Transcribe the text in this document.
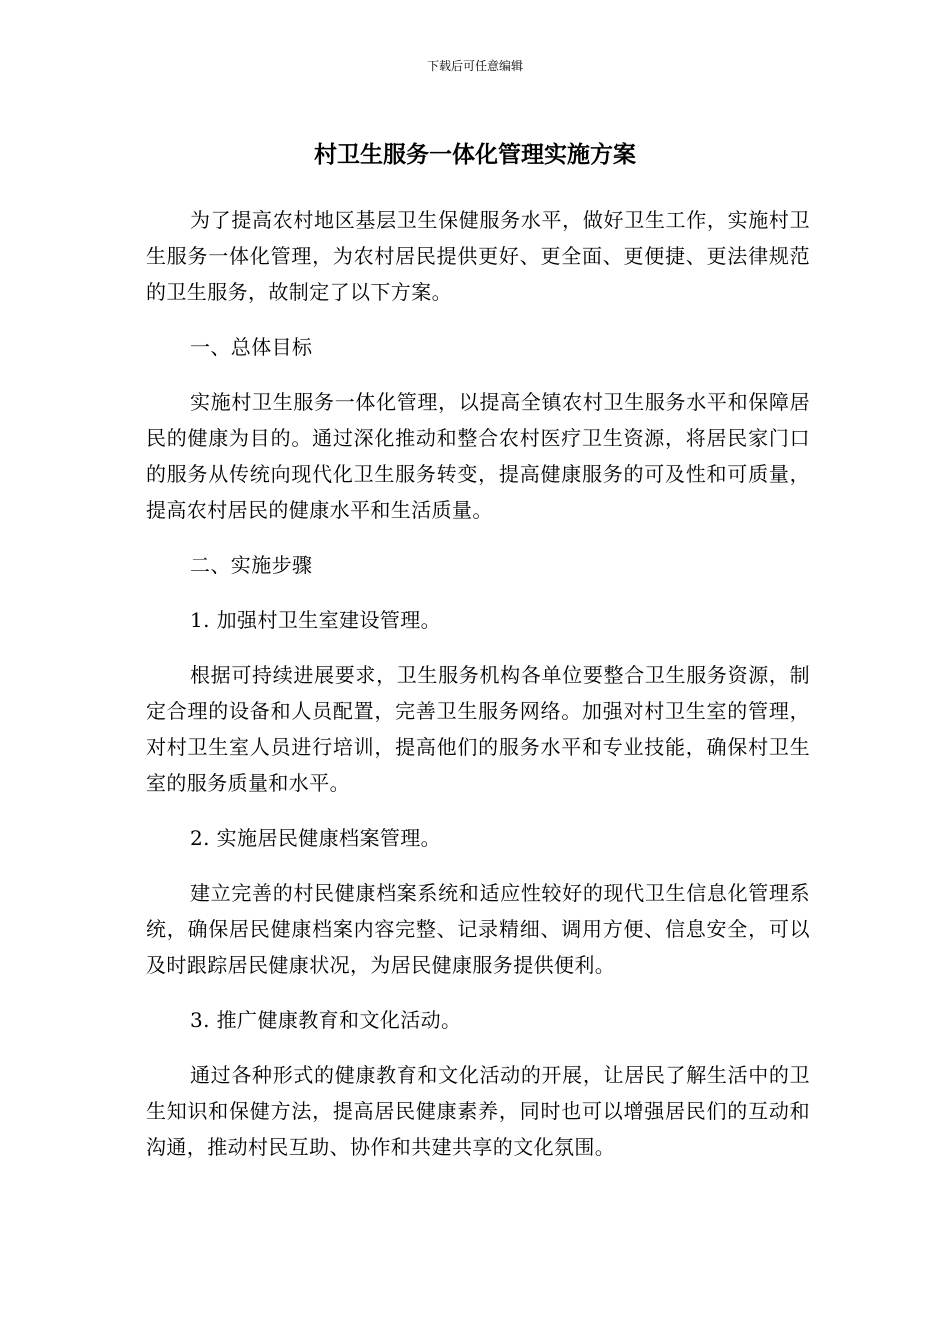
下载后可任意编辑
村卫生服务一体化管理实施方案

为了提高农村地区基层卫生保健服务水平，做好卫生工作，实施村卫生服务一体化管理，为农村居民提供更好、更全面、更便捷、更法律规范的卫生服务，故制定了以下方案。

一、总体目标

实施村卫生服务一体化管理，以提高全镇农村卫生服务水平和保障居民的健康为目的。通过深化推动和整合农村医疗卫生资源，将居民家门口的服务从传统向现代化卫生服务转变，提高健康服务的可及性和可质量，提高农村居民的健康水平和生活质量。

二、实施步骤

1. 加强村卫生室建设管理。

根据可持续进展要求，卫生服务机构各单位要整合卫生服务资源，制定合理的设备和人员配置，完善卫生服务网络。加强对村卫生室的管理，对村卫生室人员进行培训，提高他们的服务水平和专业技能，确保村卫生室的服务质量和水平。

2. 实施居民健康档案管理。

建立完善的村民健康档案系统和适应性较好的现代卫生信息化管理系统，确保居民健康档案内容完整、记录精细、调用方便、信息安全，可以及时跟踪居民健康状况，为居民健康服务提供便利。

3. 推广健康教育和文化活动。

通过各种形式的健康教育和文化活动的开展，让居民了解生活中的卫生知识和保健方法，提高居民健康素养，同时也可以增强居民们的互动和沟通，推动村民互助、协作和共建共享的文化氛围。
